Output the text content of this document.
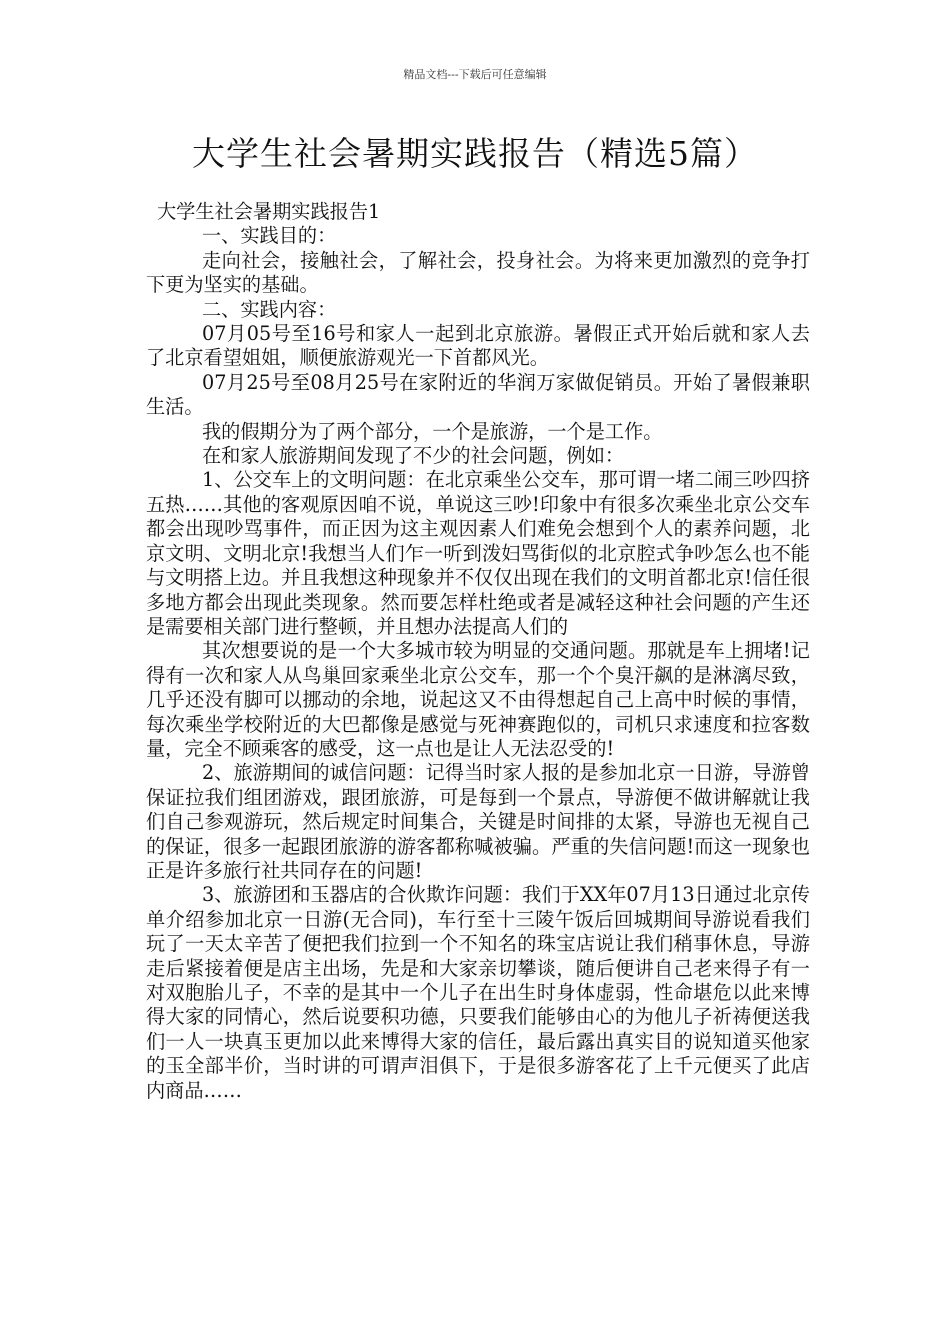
精品文档---下载后可任意编辑
大学生社会暑期实践报告（精选5篇）

大学生社会暑期实践报告1

一、实践目的：

走向社会，接触社会，了解社会，投身社会。为将来更加激烈的竞争打下更为坚实的基础。

二、实践内容：

07月05号至16号和家人一起到北京旅游。暑假正式开始后就和家人去了北京看望姐姐，顺便旅游观光一下首都风光。

07月25号至08月25号在家附近的华润万家做促销员。开始了暑假兼职生活。

我的假期分为了两个部分，一个是旅游，一个是工作。

在和家人旅游期间发现了不少的社会问题，例如：

1、公交车上的文明问题：在北京乘坐公交车，那可谓一堵二闹三吵四挤五热……其他的客观原因咱不说，单说这三吵!印象中有很多次乘坐北京公交车都会出现吵骂事件，而正因为这主观因素人们难免会想到个人的素养问题，北京文明、文明北京!我想当人们乍一听到泼妇骂街似的北京腔式争吵怎么也不能与文明搭上边。并且我想这种现象并不仅仅出现在我们的文明首都北京!信任很多地方都会出现此类现象。然而要怎样杜绝或者是减轻这种社会问题的产生还是需要相关部门进行整顿，并且想办法提高人们的

其次想要说的是一个大多城市较为明显的交通问题。那就是车上拥堵!记得有一次和家人从鸟巢回家乘坐北京公交车，那一个个臭汗飙的是淋漓尽致，几乎还没有脚可以挪动的余地，说起这又不由得想起自己上高中时候的事情，每次乘坐学校附近的大巴都像是感觉与死神赛跑似的，司机只求速度和拉客数量，完全不顾乘客的感受，这一点也是让人无法忍受的!

2、旅游期间的诚信问题：记得当时家人报的是参加北京一日游，导游曾保证拉我们组团游戏，跟团旅游，可是每到一个景点，导游便不做讲解就让我们自己参观游玩，然后规定时间集合，关键是时间排的太紧，导游也无视自己的保证，很多一起跟团旅游的游客都称喊被骗。严重的失信问题!而这一现象也正是许多旅行社共同存在的问题!

3、旅游团和玉器店的合伙欺诈问题：我们于XX年07月13日通过北京传单介绍参加北京一日游(无合同)，车行至十三陵午饭后回城期间导游说看我们玩了一天太辛苦了便把我们拉到一个不知名的珠宝店说让我们稍事休息，导游走后紧接着便是店主出场，先是和大家亲切攀谈，随后便讲自己老来得子有一对双胞胎儿子，不幸的是其中一个儿子在出生时身体虚弱，性命堪危以此来博得大家的同情心，然后说要积功德，只要我们能够由心的为他儿子祈祷便送我们一人一块真玉更加以此来博得大家的信任，最后露出真实目的说知道买他家的玉全部半价，当时讲的可谓声泪俱下，于是很多游客花了上千元便买了此店内商品……
